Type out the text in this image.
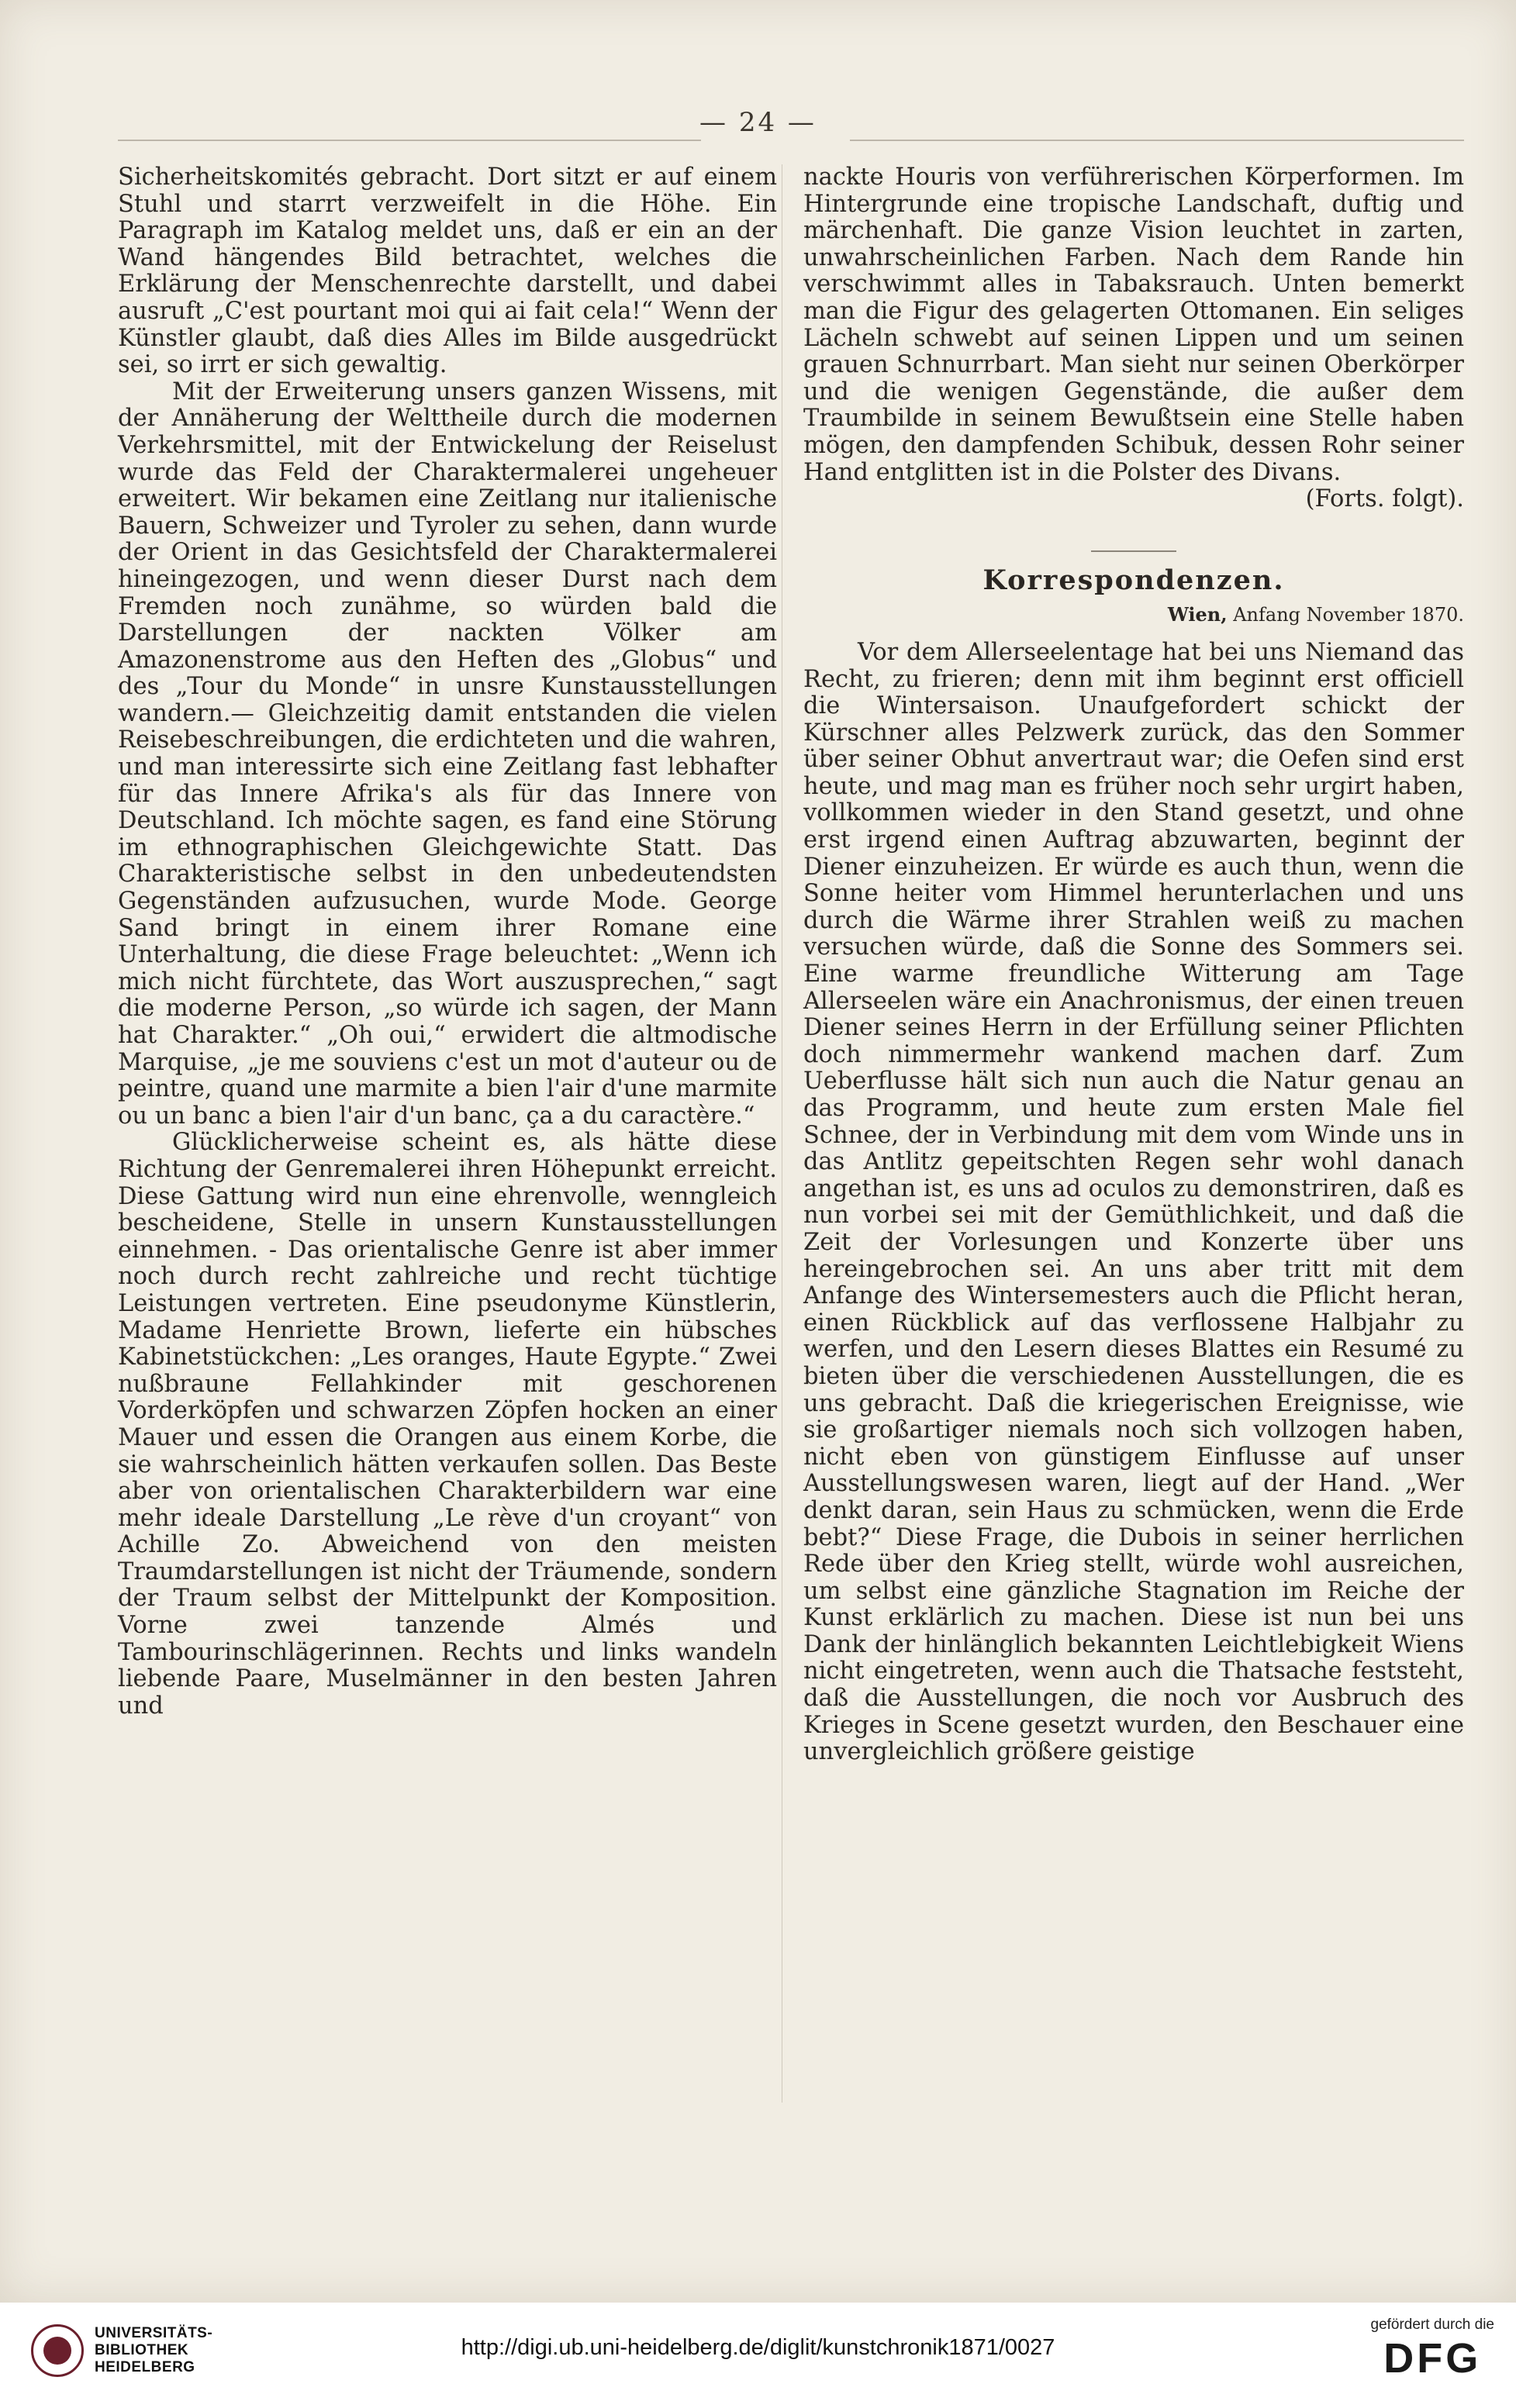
— 24 —

Sicherheitskomités gebracht. Dort sitzt er auf einem Stuhl und starrt verzweifelt in die Höhe. Ein Paragraph im Katalog meldet uns, daß er ein an der Wand hängendes Bild betrachtet, welches die Erklärung der Menschenrechte darstellt, und dabei ausruft „C'est pourtant moi qui ai fait cela!“ Wenn der Künstler glaubt, daß dies Alles im Bilde ausgedrückt sei, so irrt er sich gewaltig.

Mit der Erweiterung unsers ganzen Wissens, mit der Annäherung der Welttheile durch die modernen Verkehrsmittel, mit der Entwickelung der Reiselust wurde das Feld der Charaktermalerei ungeheuer erweitert. Wir bekamen eine Zeitlang nur italienische Bauern, Schweizer und Tyroler zu sehen, dann wurde der Orient in das Gesichtsfeld der Charaktermalerei hineingezogen, und wenn dieser Durst nach dem Fremden noch zunähme, so würden bald die Darstellungen der nackten Völker am Amazonenstrome aus den Heften des „Globus“ und des „Tour du Monde“ in unsre Kunstausstellungen wandern.— Gleichzeitig damit entstanden die vielen Reisebeschreibungen, die erdichteten und die wahren, und man interessirte sich eine Zeitlang fast lebhafter für das Innere Afrika's als für das Innere von Deutschland. Ich möchte sagen, es fand eine Störung im ethnographischen Gleichgewichte Statt. Das Charakteristische selbst in den unbedeutendsten Gegenständen aufzusuchen, wurde Mode. George Sand bringt in einem ihrer Romane eine Unterhaltung, die diese Frage beleuchtet: „Wenn ich mich nicht fürchtete, das Wort auszusprechen,“ sagt die moderne Person, „so würde ich sagen, der Mann hat Charakter.“ „Oh oui,“ erwidert die altmodische Marquise, „je me souviens c'est un mot d'auteur ou de peintre, quand une marmite a bien l'air d'une marmite ou un banc a bien l'air d'un banc, ça a du caractère.“

Glücklicherweise scheint es, als hätte diese Richtung der Genremalerei ihren Höhepunkt erreicht. Diese Gattung wird nun eine ehrenvolle, wenngleich bescheidene, Stelle in unsern Kunstausstellungen einnehmen. - Das orientalische Genre ist aber immer noch durch recht zahlreiche und recht tüchtige Leistungen vertreten. Eine pseudonyme Künstlerin, Madame Henriette Brown, lieferte ein hübsches Kabinetstückchen: „Les oranges, Haute Egypte.“ Zwei nußbraune Fellahkinder mit geschorenen Vorderköpfen und schwarzen Zöpfen hocken an einer Mauer und essen die Orangen aus einem Korbe, die sie wahrscheinlich hätten verkaufen sollen. Das Beste aber von orientalischen Charakterbildern war eine mehr ideale Darstellung „Le rève d'un croyant“ von Achille Zo. Abweichend von den meisten Traumdarstellungen ist nicht der Träumende, sondern der Traum selbst der Mittelpunkt der Komposition. Vorne zwei tanzende Almés und Tambourinschlägerinnen. Rechts und links wandeln liebende Paare, Muselmänner in den besten Jahren und

nackte Houris von verführerischen Körperformen. Im Hintergrunde eine tropische Landschaft, duftig und märchenhaft. Die ganze Vision leuchtet in zarten, unwahrscheinlichen Farben. Nach dem Rande hin verschwimmt alles in Tabaksrauch. Unten bemerkt man die Figur des gelagerten Ottomanen. Ein seliges Lächeln schwebt auf seinen Lippen und um seinen grauen Schnurrbart. Man sieht nur seinen Oberkörper und die wenigen Gegenstände, die außer dem Traumbilde in seinem Bewußtsein eine Stelle haben mögen, den dampfenden Schibuk, dessen Rohr seiner Hand entglitten ist in die Polster des Divans.

(Forts. folgt).

Korrespondenzen.
Wien, Anfang November 1870.

Vor dem Allerseelentage hat bei uns Niemand das Recht, zu frieren; denn mit ihm beginnt erst officiell die Wintersaison. Unaufgefordert schickt der Kürschner alles Pelzwerk zurück, das den Sommer über seiner Obhut anvertraut war; die Oefen sind erst heute, und mag man es früher noch sehr urgirt haben, vollkommen wieder in den Stand gesetzt, und ohne erst irgend einen Auftrag abzuwarten, beginnt der Diener einzuheizen. Er würde es auch thun, wenn die Sonne heiter vom Himmel herunterlachen und uns durch die Wärme ihrer Strahlen weiß zu machen versuchen würde, daß die Sonne des Sommers sei. Eine warme freundliche Witterung am Tage Allerseelen wäre ein Anachronismus, der einen treuen Diener seines Herrn in der Erfüllung seiner Pflichten doch nimmermehr wankend machen darf. Zum Ueberflusse hält sich nun auch die Natur genau an das Programm, und heute zum ersten Male fiel Schnee, der in Verbindung mit dem vom Winde uns in das Antlitz gepeitschten Regen sehr wohl danach angethan ist, es uns ad oculos zu demonstriren, daß es nun vorbei sei mit der Gemüthlichkeit, und daß die Zeit der Vorlesungen und Konzerte über uns hereingebrochen sei. An uns aber tritt mit dem Anfange des Wintersemesters auch die Pflicht heran, einen Rückblick auf das verflossene Halbjahr zu werfen, und den Lesern dieses Blattes ein Resumé zu bieten über die verschiedenen Ausstellungen, die es uns gebracht. Daß die kriegerischen Ereignisse, wie sie großartiger niemals noch sich vollzogen haben, nicht eben von günstigem Einflusse auf unser Ausstellungswesen waren, liegt auf der Hand. „Wer denkt daran, sein Haus zu schmücken, wenn die Erde bebt?“ Diese Frage, die Dubois in seiner herrlichen Rede über den Krieg stellt, würde wohl ausreichen, um selbst eine gänzliche Stagnation im Reiche der Kunst erklärlich zu machen. Diese ist nun bei uns Dank der hinlänglich bekannten Leichtlebigkeit Wiens nicht eingetreten, wenn auch die Thatsache feststeht, daß die Ausstellungen, die noch vor Ausbruch des Krieges in Scene gesetzt wurden, den Beschauer eine unvergleichlich größere geistige

UNIVERSITÄTS-
BIBLIOTHEK
HEIDELBERG
http://digi.ub.uni-heidelberg.de/diglit/kunstchronik1871/0027
gefördert durch die
DFG
